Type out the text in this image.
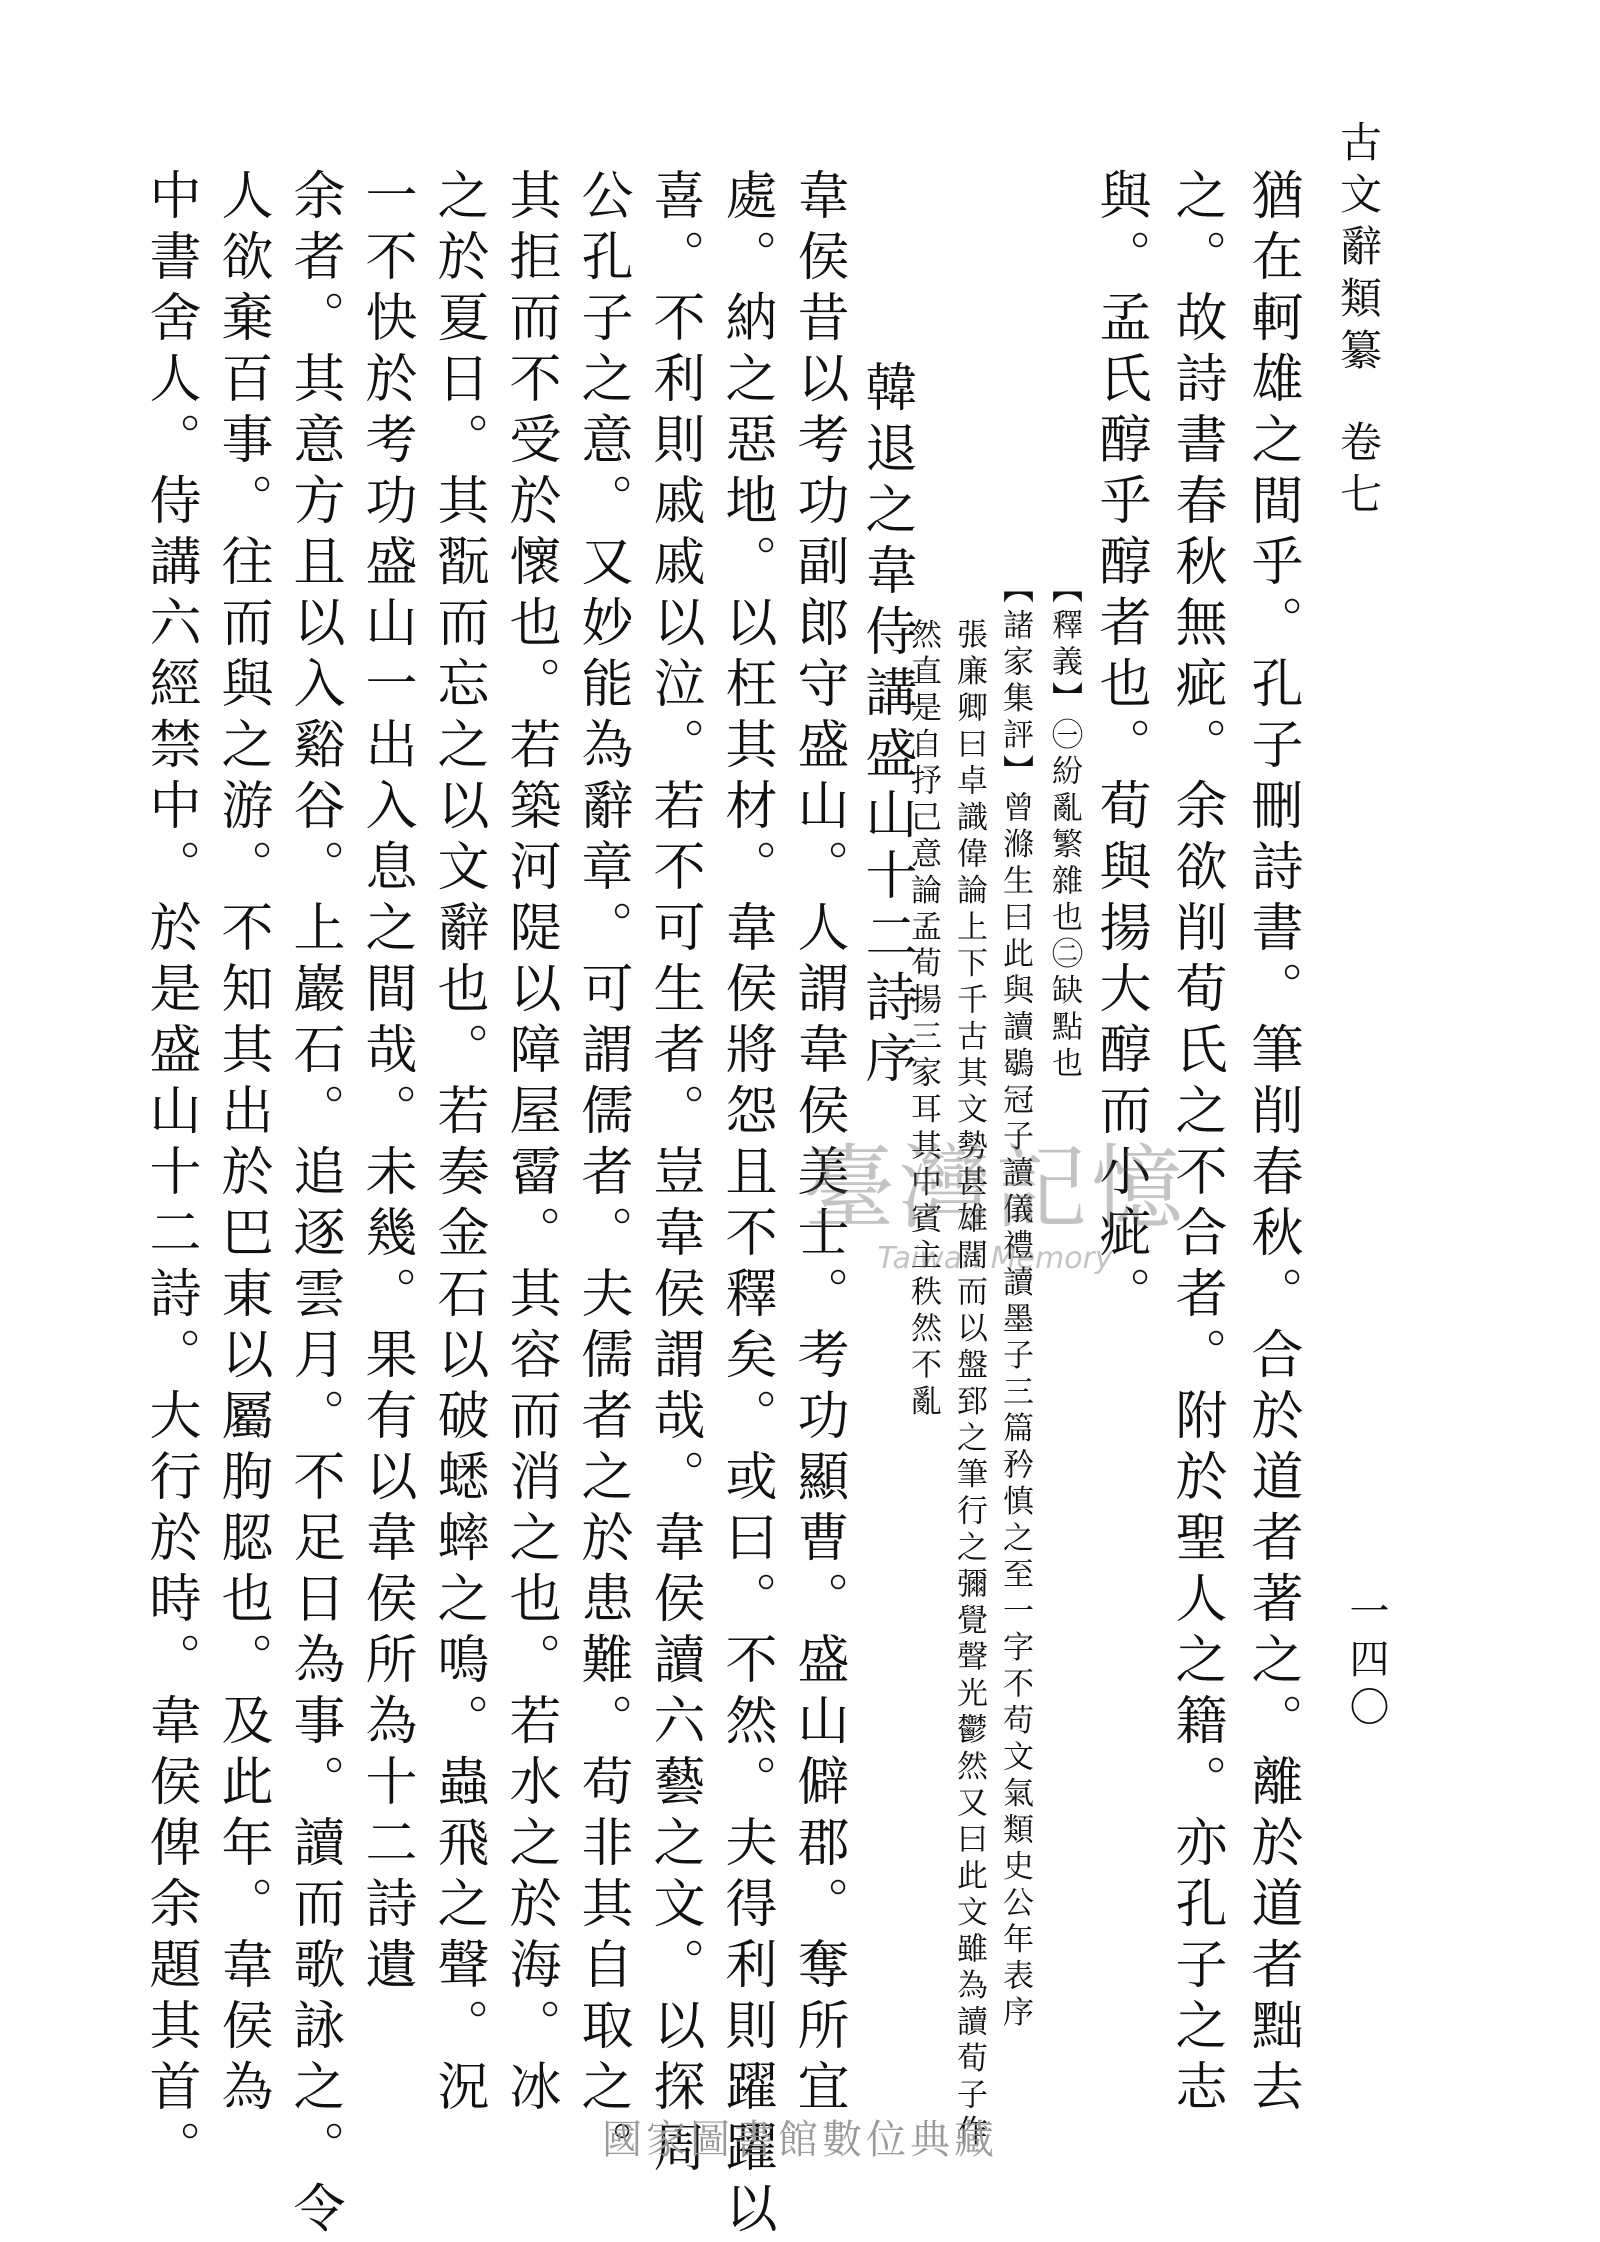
古文辭類纂卷七
一四〇
猶在軻雄之間乎。孔子刪詩書。筆削春秋。合於道者著之。離於道者黜去
之。故詩書春秋無疵。余欲削荀氏之不合者。附於聖人之籍。亦孔子之志
與。孟氏醇乎醇者也。荀與揚大醇而小疵。
【釋義】㊀紛亂繁雜也㊁缺點也
【諸家集評】曾滌生曰此與讀鶡冠子讀儀禮讀墨子三篇矜慎之至一字不苟文氣類史公年表序
張廉卿曰卓識偉論上下千古其文勢甚雄闊而以盤郅之筆行之彌覺聲光鬱然又曰此文雖為讀荀子作
然直是自抒己意論孟荀揚三家耳其中賓主秩然不亂
韓退之韋侍講盛山十二詩序
韋侯昔以考功副郎守盛山。人謂韋侯美士。考功顯曹。盛山僻郡。奪所宜
處。納之惡地。以枉其材。韋侯將怨且不釋矣。或曰。不然。夫得利則躍躍以
喜。不利則戚戚以泣。若不可生者。豈韋侯謂哉。韋侯讀六藝之文。以探周
公孔子之意。又妙能為辭章。可謂儒者。夫儒者之於患難。苟非其自取之。
其拒而不受於懷也。若築河隄以障屋霤。其容而消之也。若水之於海。冰
之於夏日。其翫而忘之以文辭也。若奏金石以破蟋蟀之鳴。蟲飛之聲。況
一不快於考功盛山一出入息之間哉。未幾。果有以韋侯所為十二詩遺
余者。其意方且以入谿谷。上巖石。追逐雲月。不足日為事。讀而歌詠之。令
人欲棄百事。往而與之游。不知其出於巴東以屬朐䏰也。及此年。韋侯為
中書舍人。侍講六經禁中。於是盛山十二詩。大行於時。韋侯俾余題其首。	臺灣記憶
Taiwan Memory
國家圖書館數位典藏
